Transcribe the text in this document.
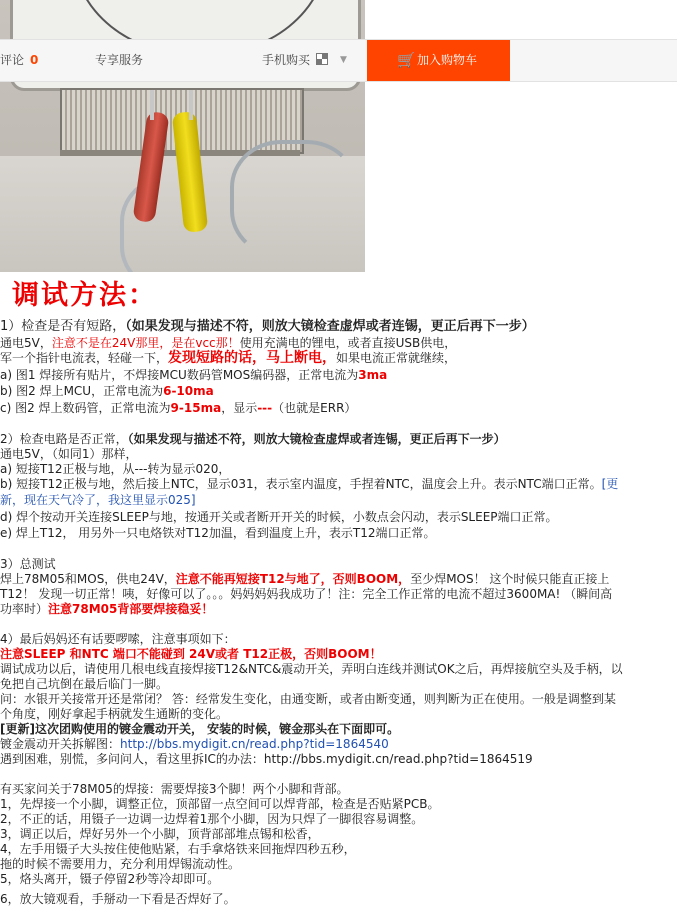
评论 0	专享服务	手机购买	▼	🛒 加入购物车
调试方法：
1）检查是否有短路，（如果发现与描述不符，则放大镜检查虚焊或者连锡，更正后再下一步）
通电5V，注意不是在24V那里，是在vcc那！使用充满电的锂电，或者直接USB供电，
军一个指针电流表，轻碰一下，发现短路的话，马上断电，如果电流正常就继续，
a) 图1 焊接所有贴片，不焊接MCU数码管MOS编码器，正常电流为3ma
b) 图2 焊上MCU，正常电流为6-10ma
c) 图2 焊上数码管，正常电流为9-15ma，显示---（也就是ERR）
2）检查电路是否正常，（如果发现与描述不符，则放大镜检查虚焊或者连锡，更正后再下一步）
通电5V，（如同1）那样，
a) 短接T12正极与地，从---转为显示020，
b) 短接T12正极与地，然后接上NTC，显示031，表示室内温度，手捏着NTC，温度会上升。表示NTC端口正常。[更
新，现在天气冷了，我这里显示025]
d) 焊个按动开关连接SLEEP与地，按通开关或者断开开关的时候，小数点会闪动，表示SLEEP端口正常。
e) 焊上T12， 用另外一只电烙铁对T12加温，看到温度上升，表示T12端口正常。
3）总测试
焊上78M05和MOS，供电24V，注意不能再短接T12与地了，否则BOOM，至少焊MOS！ 这个时候只能直正接上
T12！ 发现一切正常！咦，好像可以了。。。妈妈妈妈我成功了！注：完全工作正常的电流不超过3600MA! （瞬间高
功率时）注意78M05背部要焊接稳妥！
4）最后妈妈还有话要啰嗦，注意事项如下：
注意SLEEP 和NTC 端口不能碰到 24V或者 T12正极，否则BOOM！
调试成功以后，请使用几根电线直接焊接T12&NTC&震动开关，弄明白连线并测试OK之后，再焊接航空头及手柄，以
免把自己坑倒在最后临门一脚。
问：水银开关接常开还是常闭？ 答：经常发生变化，由通变断，或者由断变通，则判断为正在使用。一般是调整到某
个角度，刚好拿起手柄就发生通断的变化。
[更新]这次团购使用的镀金震动开关， 安装的时候，镀金那头在下面即可。
镀金震动开关拆解图：http://bbs.mydigit.cn/read.php?tid=1864540
遇到困难，别慌，多问问人，看这里拆IC的办法：http://bbs.mydigit.cn/read.php?tid=1864519
有买家问关于78M05的焊接：需要焊接3个脚！两个小脚和背部。
1，先焊接一个小脚，调整正位，顶部留一点空间可以焊背部，检查是否贴紧PCB。
2，不正的话，用镊子一边调一边焊着1那个小脚，因为只焊了一脚很容易调整。
3，调正以后，焊好另外一个小脚，顶背部部堆点锡和松香，
4，左手用镊子大头按住使他贴紧，右手拿烙铁来回拖焊四秒五秒，
拖的时候不需要用力，充分利用焊锡流动性。
5，烙头离开，镊子停留2秒等冷却即可。
6，放大镜观看，手掰动一下看是否焊好了。
